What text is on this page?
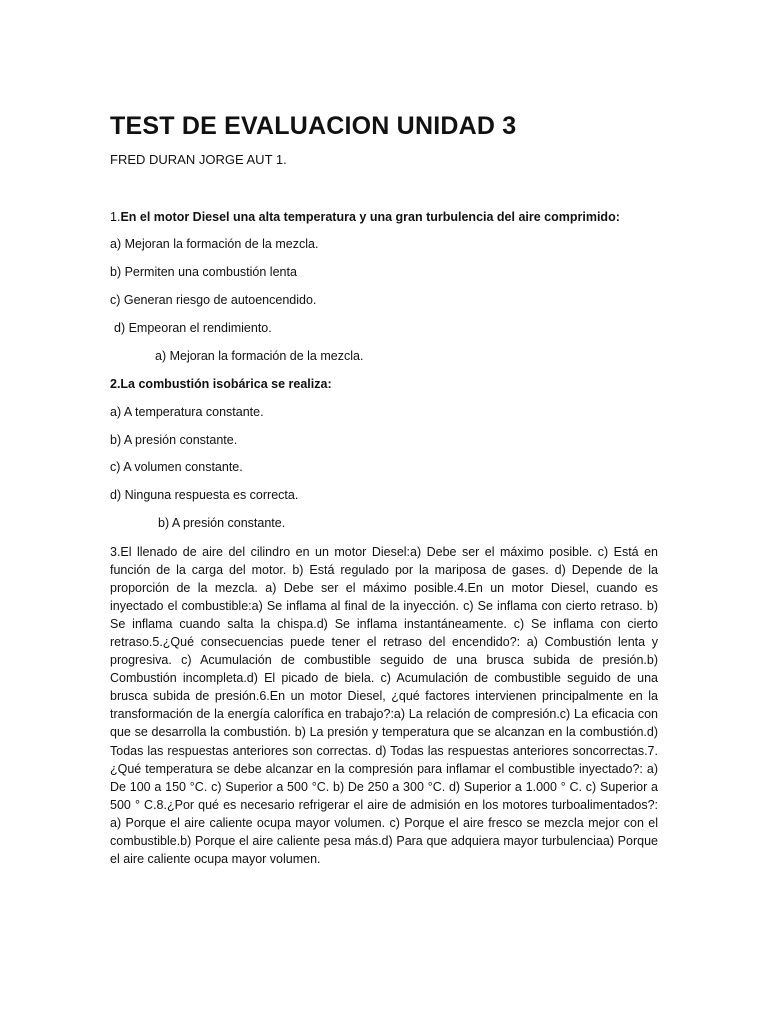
TEST DE EVALUACION UNIDAD 3

FRED DURAN JORGE AUT 1.

1.En el motor Diesel una alta temperatura y una gran turbulencia del aire comprimido:

a) Mejoran la formación de la mezcla.

b) Permiten una combustión lenta

c) Generan riesgo de autoencendido.

d) Empeoran el rendimiento.

a) Mejoran la formación de la mezcla.

2.La combustión isobárica se realiza:

a) A temperatura constante.

b) A presión constante.

c) A volumen constante.

d) Ninguna respuesta es correcta.

b) A presión constante.

3.El llenado de aire del cilindro en un motor Diesel:a) Debe ser el máximo posible. c) Está en función de la carga del motor. b) Está regulado por la mariposa de gases. d) Depende de la proporción de la mezcla. a) Debe ser el máximo posible.4.En un motor Diesel, cuando es inyectado el combustible:a) Se inflama al final de la inyección. c) Se inflama con cierto retraso. b) Se inflama cuando salta la chispa.d) Se inflama instantáneamente. c) Se inflama con cierto retraso.5.¿Qué consecuencias puede tener el retraso del encendido?: a) Combustión lenta y progresiva. c) Acumulación de combustible seguido de una brusca subida de presión.b) Combustión incompleta.d) El picado de biela. c) Acumulación de combustible seguido de una brusca subida de presión.6.En un motor Diesel, ¿qué factores intervienen principalmente en la transformación de la energía calorífica en trabajo?:a) La relación de compresión.c) La eficacia con que se desarrolla la combustión. b) La presión y temperatura que se alcanzan en la combustión.d) Todas las respuestas anteriores son correctas. d) Todas las respuestas anteriores soncorrectas.7.¿Qué temperatura se debe alcanzar en la compresión para inflamar el combustible inyectado?: a) De 100 a 150 °C. c) Superior a 500 °C. b) De 250 a 300 °C. d) Superior a 1.000 ° C. c) Superior a 500 ° C.8.¿Por qué es necesario refrigerar el aire de admisión en los motores turboalimentados?: a) Porque el aire caliente ocupa mayor volumen. c) Porque el aire fresco se mezcla mejor con el combustible.b) Porque el aire caliente pesa más.d) Para que adquiera mayor turbulenciaa) Porque el aire caliente ocupa mayor volumen.
